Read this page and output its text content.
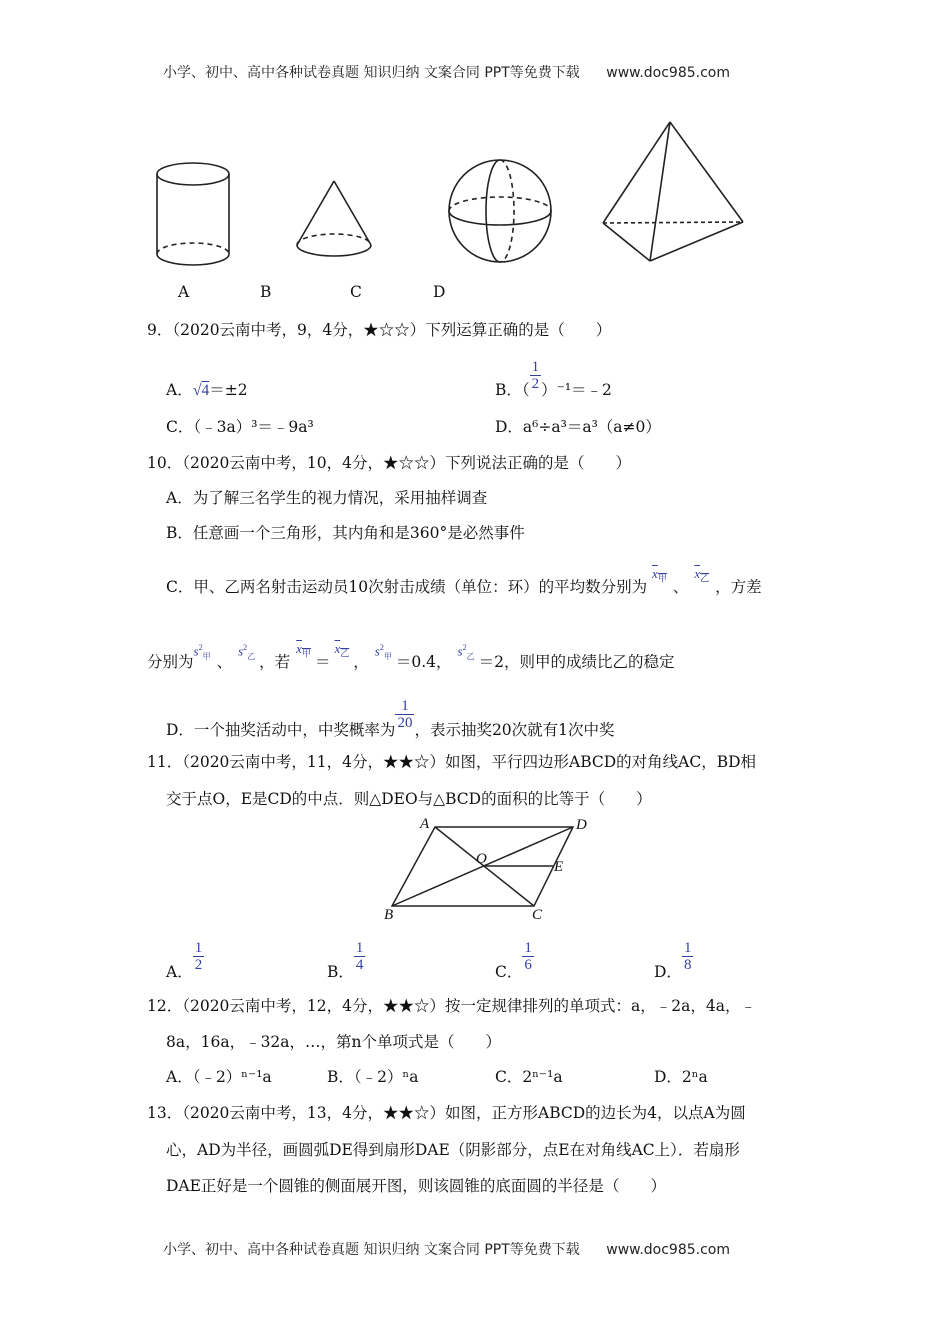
小学、初中、高中各种试卷真题 知识归纳 文案合同 PPT等免费下载 www.doc985.com
A	B	C	D
9．（2020云南中考，9，4分，★☆☆）下列运算正确的是（　　）
A．√4＝±2	B．（ $\frac{1}{2}$ ）⁻¹＝﹣2
C．（﹣3a）³＝﹣9a³	D．a⁶÷a³＝a³（a≠0）
10．（2020云南中考，10，4分，★☆☆）下列说法正确的是（　　）
A．为了解三名学生的视力情况，采用抽样调查
B．任意画一个三角形，其内角和是360°是必然事件
C．甲、乙两名射击运动员10次射击成绩（单位：环）的平均数分别为 $x_甲$ 、$x_乙$ ，方差
分别为$s^2_甲$ 、$s^2_乙$ ，若$x_甲 =x_乙$ ，$s^2_甲 =0.4$，$s^2_乙 =2$，则甲的成绩比乙的稳定
D．一个抽奖活动中，中奖概率为 $\frac{1}{20}$ ，表示抽奖20次就有1次中奖
11．（2020云南中考，11，4分，★★☆）如图，平行四边形ABCD的对角线AC，BD相
交于点O，E是CD的中点．则△DEO与△BCD的面积的比等于（　　）
A	D
O	E
B	C
A． $\frac{1}{2}$	B． $\frac{1}{4}$	C． $\frac{1}{6}$	D． $\frac{1}{8}$
12．（2020云南中考，12，4分，★★☆）按一定规律排列的单项式：a，﹣2a，4a，﹣
8a，16a，﹣32a，…，第n个单项式是（　　）
A．（﹣2）ⁿ⁻¹a	B．（﹣2）ⁿa	C．2ⁿ⁻¹a	D．2ⁿa
13．（2020云南中考，13，4分，★★☆）如图，正方形ABCD的边长为4，以点A为圆
心，AD为半径，画圆弧DE得到扇形DAE（阴影部分，点E在对角线AC上）．若扇形
DAE正好是一个圆锥的侧面展开图，则该圆锥的底面圆的半径是（　　）
小学、初中、高中各种试卷真题 知识归纳 文案合同 PPT等免费下载 www.doc985.com
